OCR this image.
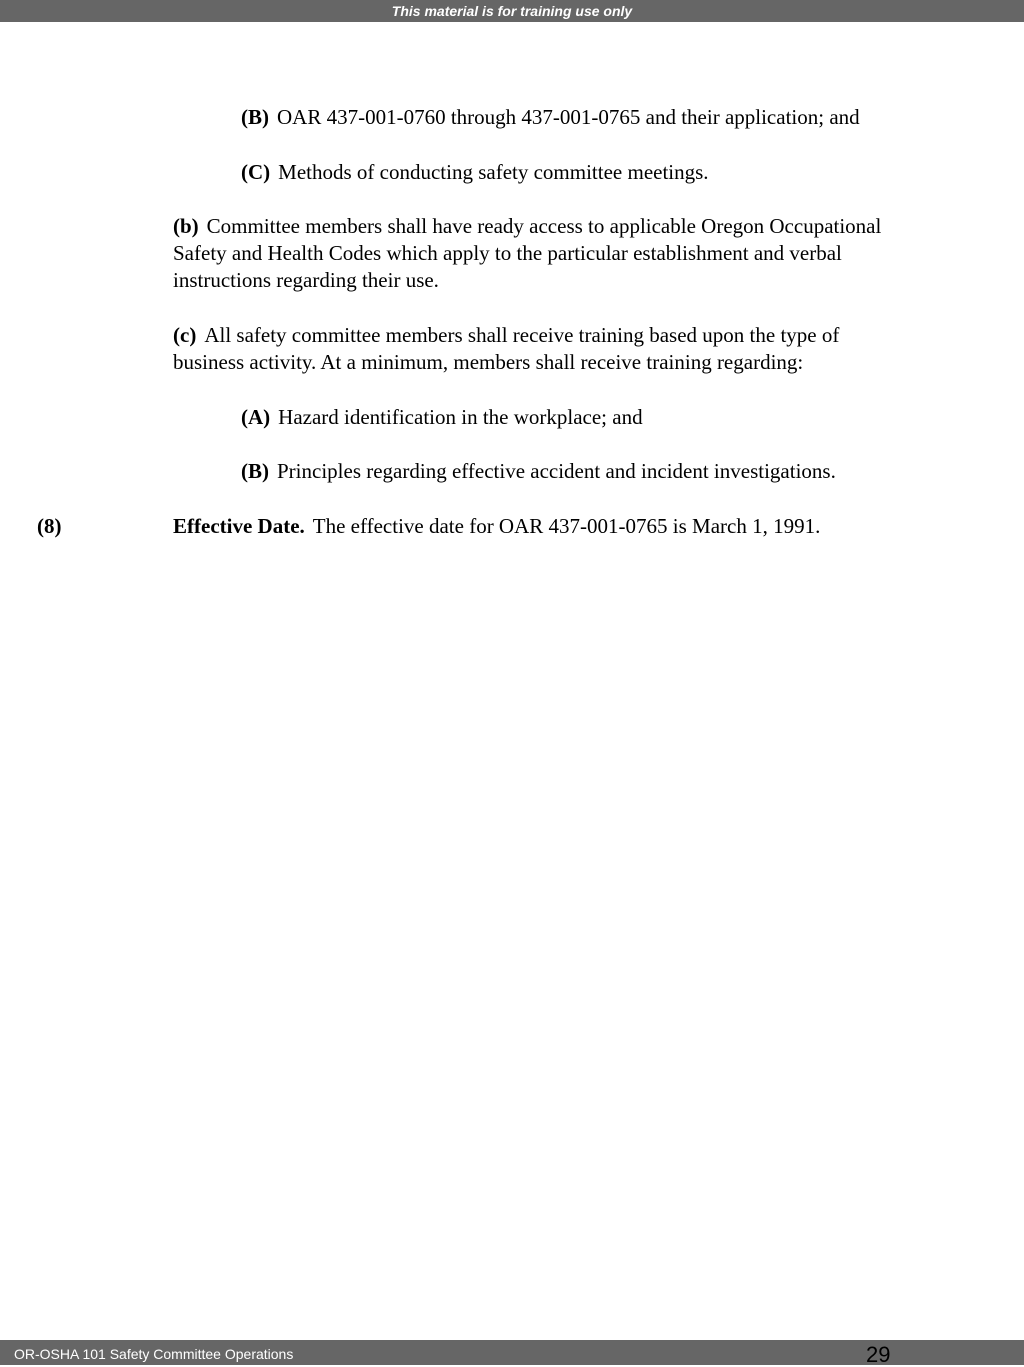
This material is for training use only
(B) OAR 437-001-0760 through 437-001-0765 and their application; and
(C) Methods of conducting safety committee meetings.
(b) Committee members shall have ready access to applicable Oregon Occupational
Safety and Health Codes which apply to the particular establishment and verbal
instructions regarding their use.
(c) All safety committee members shall receive training based upon the type of
business activity. At a minimum, members shall receive training regarding:
(A) Hazard identification in the workplace; and
(B) Principles regarding effective accident and incident investigations.
(8)	Effective Date. The effective date for OAR 437-001-0765 is March 1, 1991.
OR-OSHA 101 Safety Committee Operations	29
